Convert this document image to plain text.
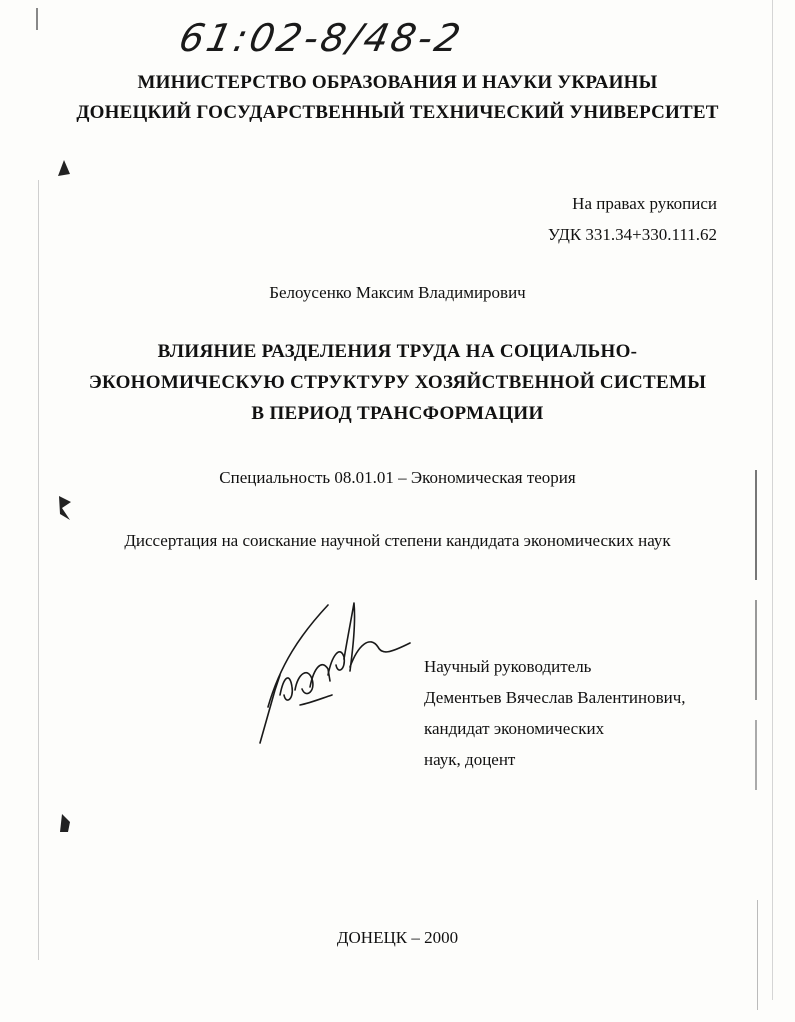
61:02-8/48-2
МИНИСТЕРСТВО ОБРАЗОВАНИЯ И НАУКИ УКРАИНЫ
ДОНЕЦКИЙ ГОСУДАРСТВЕННЫЙ ТЕХНИЧЕСКИЙ УНИВЕРСИТЕТ
На правах рукописи
УДК 331.34+330.111.62
Белоусенко Максим Владимирович
ВЛИЯНИЕ РАЗДЕЛЕНИЯ ТРУДА НА СОЦИАЛЬНО-
ЭКОНОМИЧЕСКУЮ СТРУКТУРУ ХОЗЯЙСТВЕННОЙ СИСТЕМЫ
В ПЕРИОД ТРАНСФОРМАЦИИ
Специальность 08.01.01 – Экономическая теория
Диссертация на соискание научной степени кандидата экономических наук
Научный руководитель
Дементьев Вячеслав Валентинович,
кандидат экономических
наук, доцент
ДОНЕЦК – 2000
